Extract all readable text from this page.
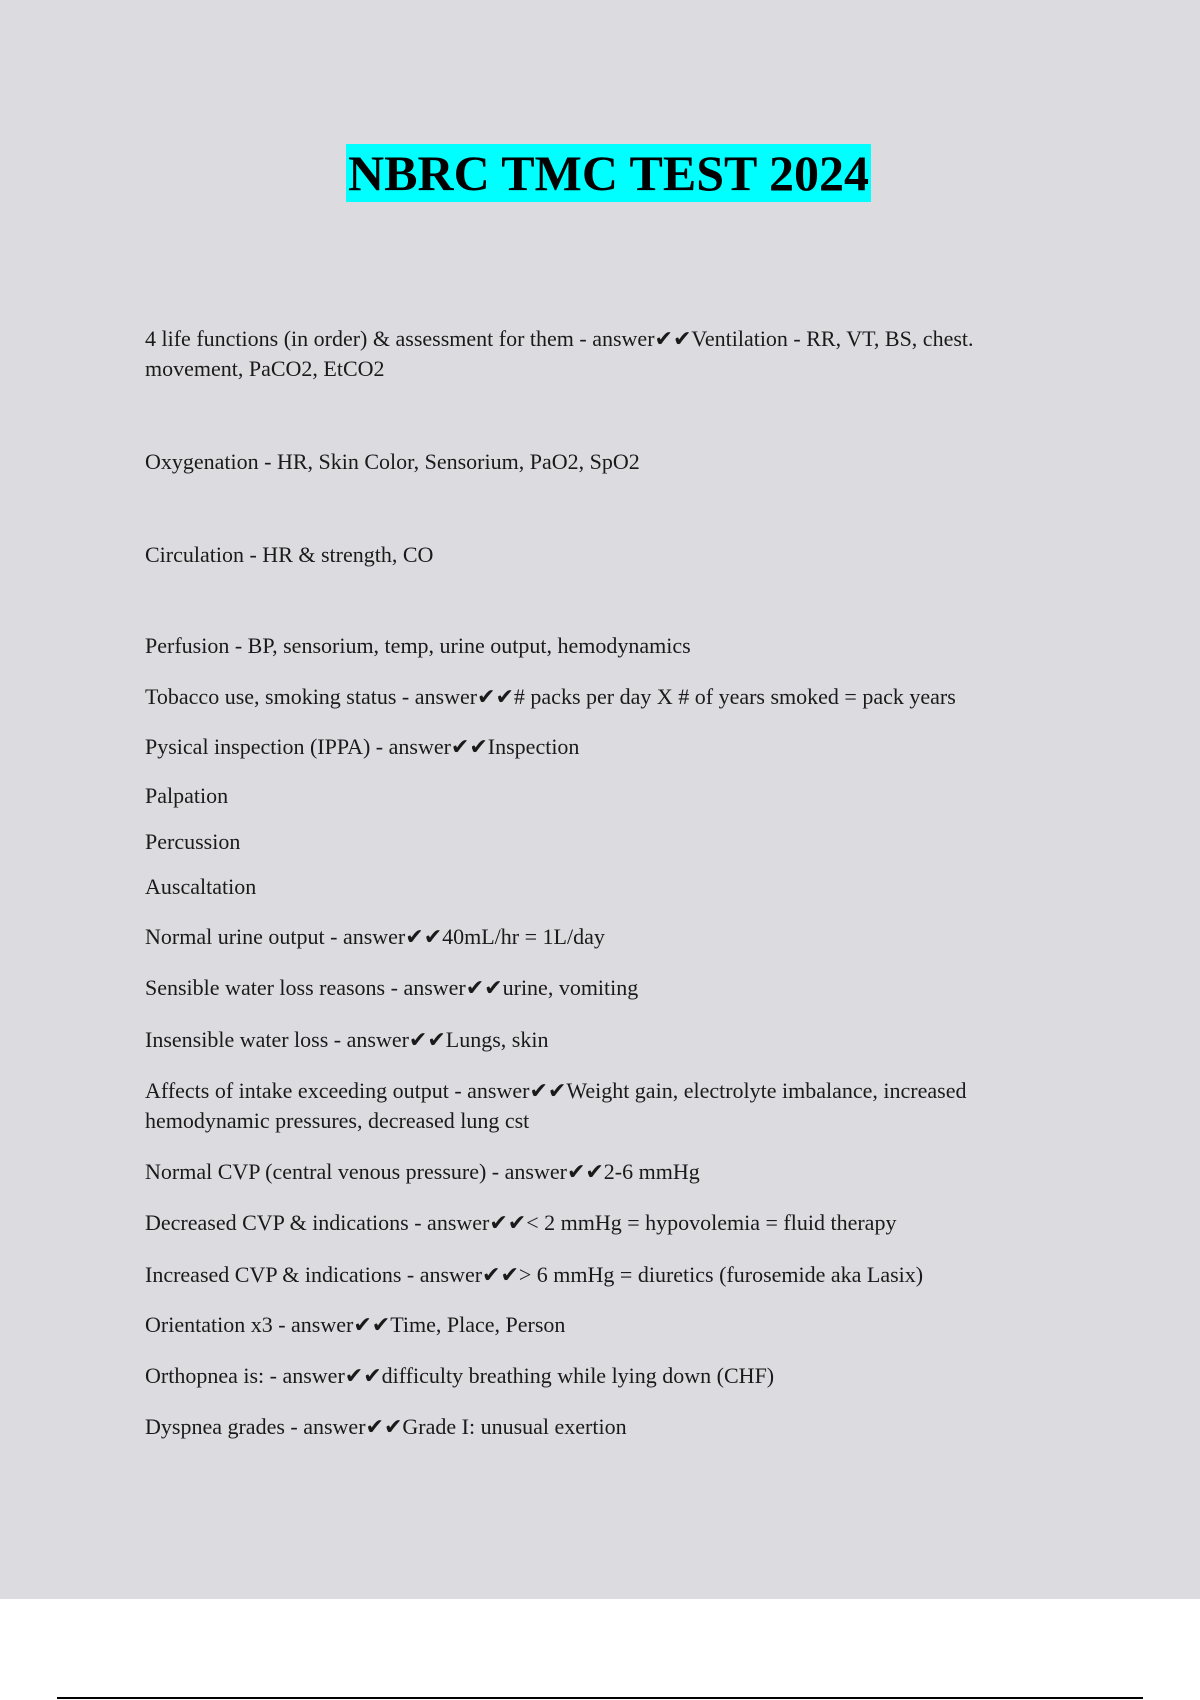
NBRC TMC TEST 2024
4 life functions (in order) & assessment for them - answer✔✔Ventilation - RR, VT, BS, chest. movement, PaCO2, EtCO2
Oxygenation - HR, Skin Color, Sensorium, PaO2, SpO2
Circulation - HR & strength, CO
Perfusion - BP, sensorium, temp, urine output, hemodynamics
Tobacco use, smoking status - answer✔✔# packs per day X # of years smoked = pack years
Pysical inspection (IPPA) - answer✔✔Inspection
Palpation
Percussion
Auscaltation
Normal urine output - answer✔✔40mL/hr = 1L/day
Sensible water loss reasons - answer✔✔urine, vomiting
Insensible water loss - answer✔✔Lungs, skin
Affects of intake exceeding output - answer✔✔Weight gain, electrolyte imbalance, increased hemodynamic pressures, decreased lung cst
Normal CVP (central venous pressure) - answer✔✔2-6 mmHg
Decreased CVP & indications - answer✔✔< 2 mmHg = hypovolemia = fluid therapy
Increased CVP & indications - answer✔✔> 6 mmHg = diuretics (furosemide aka Lasix)
Orientation x3 - answer✔✔Time, Place, Person
Orthopnea is: - answer✔✔difficulty breathing while lying down (CHF)
Dyspnea grades - answer✔✔Grade I: unusual exertion
